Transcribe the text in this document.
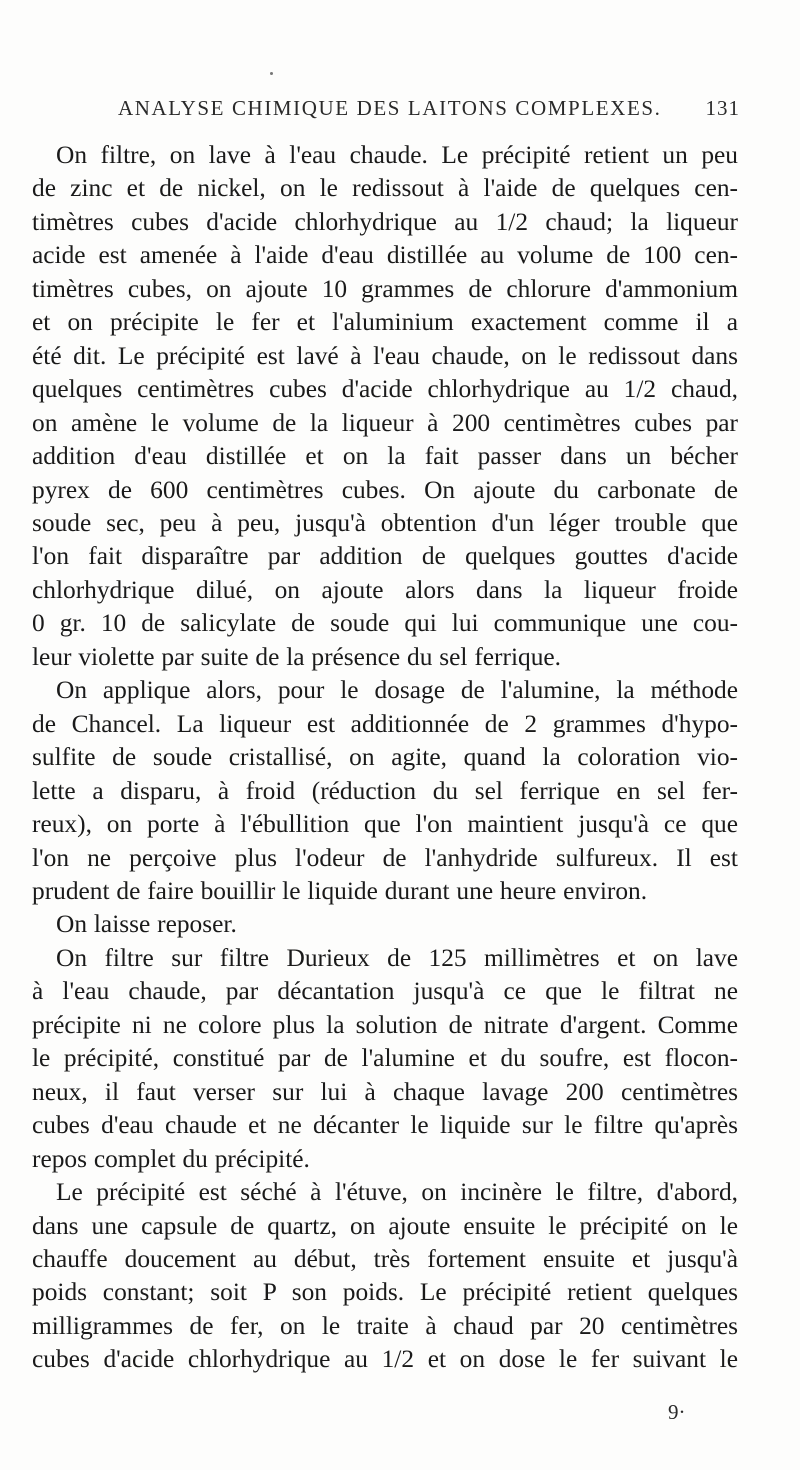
ANALYSE CHIMIQUE DES LAITONS COMPLEXES. 131

On filtre, on lave à l'eau chaude. Le précipité retient un peu
de zinc et de nickel, on le redissout à l'aide de quelques cen-
timètres cubes d'acide chlorhydrique au 1/2 chaud; la liqueur
acide est amenée à l'aide d'eau distillée au volume de 100 cen-
timètres cubes, on ajoute 10 grammes de chlorure d'ammonium
et on précipite le fer et l'aluminium exactement comme il a
été dit. Le précipité est lavé à l'eau chaude, on le redissout dans
quelques centimètres cubes d'acide chlorhydrique au 1/2 chaud,
on amène le volume de la liqueur à 200 centimètres cubes par
addition d'eau distillée et on la fait passer dans un bécher
pyrex de 600 centimètres cubes. On ajoute du carbonate de
soude sec, peu à peu, jusqu'à obtention d'un léger trouble que
l'on fait disparaître par addition de quelques gouttes d'acide
chlorhydrique dilué, on ajoute alors dans la liqueur froide
0 gr. 10 de salicylate de soude qui lui communique une cou-
leur violette par suite de la présence du sel ferrique.

On applique alors, pour le dosage de l'alumine, la méthode
de Chancel. La liqueur est additionnée de 2 grammes d'hypo-
sulfite de soude cristallisé, on agite, quand la coloration vio-
lette a disparu, à froid (réduction du sel ferrique en sel fer-
reux), on porte à l'ébullition que l'on maintient jusqu'à ce que
l'on ne perçoive plus l'odeur de l'anhydride sulfureux. Il est
prudent de faire bouillir le liquide durant une heure environ.

On laisse reposer.

On filtre sur filtre Durieux de 125 millimètres et on lave
à l'eau chaude, par décantation jusqu'à ce que le filtrat ne
précipite ni ne colore plus la solution de nitrate d'argent. Comme
le précipité, constitué par de l'alumine et du soufre, est flocon-
neux, il faut verser sur lui à chaque lavage 200 centimètres
cubes d'eau chaude et ne décanter le liquide sur le filtre qu'après
repos complet du précipité.

Le précipité est séché à l'étuve, on incinère le filtre, d'abord,
dans une capsule de quartz, on ajoute ensuite le précipité on le
chauffe doucement au début, très fortement ensuite et jusqu'à
poids constant; soit P son poids. Le précipité retient quelques
milligrammes de fer, on le traite à chaud par 20 centimètres
cubes d'acide chlorhydrique au 1/2 et on dose le fer suivant le

9·
